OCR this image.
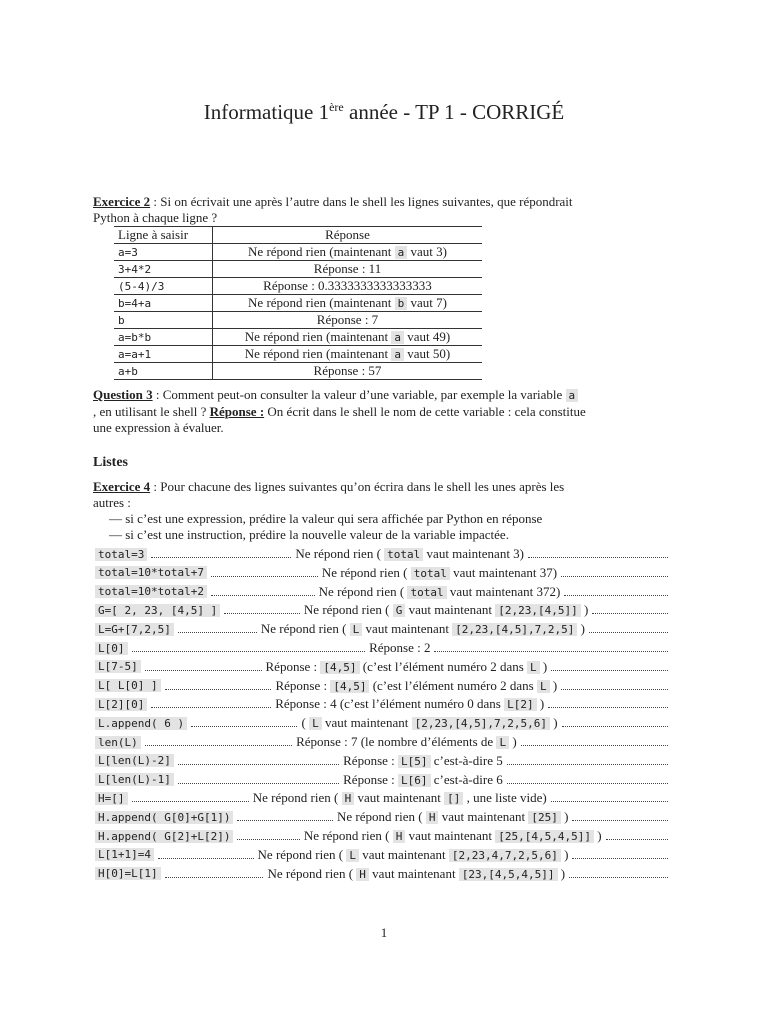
Informatique 1ère année - TP 1 - CORRIGÉ
Exercice 2 : Si on écrivait une après l’autre dans le shell les lignes suivantes, que répondrait
Python à chaque ligne ?
Ligne à saisir	Réponse
a=3	Ne répond rien (maintenant a vaut 3)
3+4*2	Réponse : 11
(5-4)/3	Réponse : 0.3333333333333333
b=4+a	Ne répond rien (maintenant b vaut 7)
b	Réponse : 7
a=b*b	Ne répond rien (maintenant a vaut 49)
a=a+1	Ne répond rien (maintenant a vaut 50)
a+b	Réponse : 57
Question 3 : Comment peut-on consulter la valeur d’une variable, par exemple la variable a
, en utilisant le shell ? Réponse : On écrit dans le shell le nom de cette variable : cela constitue
une expression à évaluer.
Listes
Exercice 4 : Pour chacune des lignes suivantes qu’on écrira dans le shell les unes après les
autres :
— si c’est une expression, prédire la valeur qui sera affichée par Python en réponse
— si c’est une instruction, prédire la nouvelle valeur de la variable impactée.
total=3	Ne répond rien ( total vaut maintenant 3)
total=10*total+7	Ne répond rien ( total vaut maintenant 37)
total=10*total+2	Ne répond rien ( total vaut maintenant 372)
G=[ 2, 23, [4,5] ]	Ne répond rien ( G vaut maintenant [2,23,[4,5]] )
L=G+[7,2,5]	Ne répond rien ( L vaut maintenant [2,23,[4,5],7,2,5] )
L[0]	Réponse : 2
L[7-5]	Réponse : [4,5] (c’est l’élément numéro 2 dans L )
L[ L[0] ]	Réponse : [4,5] (c’est l’élément numéro 2 dans L )
L[2][0]	Réponse : 4 (c’est l’élément numéro 0 dans L[2] )
L.append( 6 )	( L vaut maintenant [2,23,[4,5],7,2,5,6] )
len(L)	Réponse : 7 (le nombre d’éléments de L )
L[len(L)-2]	Réponse : L[5] c’est-à-dire 5
L[len(L)-1]	Réponse : L[6] c’est-à-dire 6
H=[]	Ne répond rien ( H vaut maintenant [] , une liste vide)
H.append( G[0]+G[1])	Ne répond rien ( H vaut maintenant [25] )
H.append( G[2]+L[2])	Ne répond rien ( H vaut maintenant [25,[4,5,4,5]] )
L[1+1]=4	Ne répond rien ( L vaut maintenant [2,23,4,7,2,5,6] )
H[0]=L[1]	Ne répond rien ( H vaut maintenant [23,[4,5,4,5]] )
1
